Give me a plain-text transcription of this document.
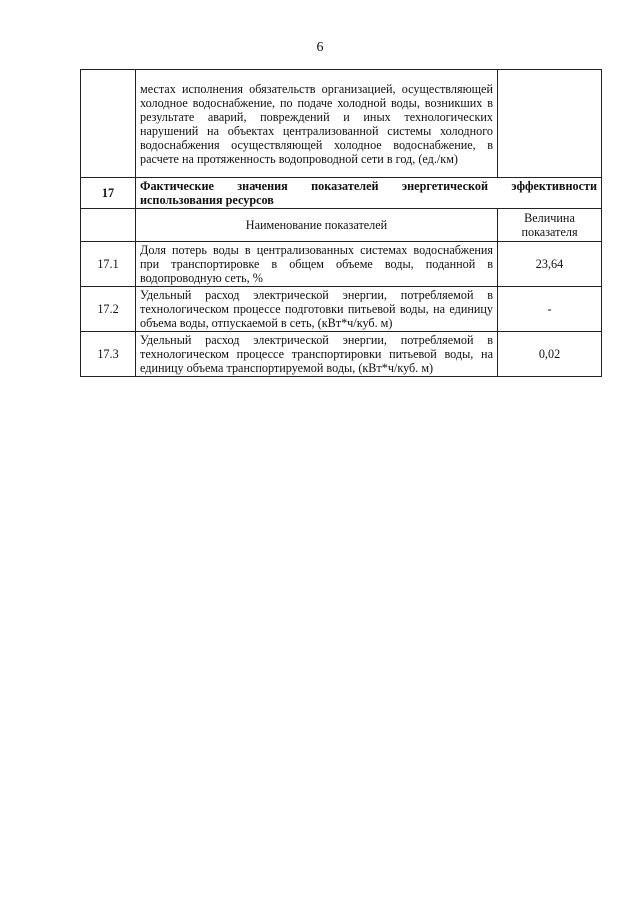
6
	местах исполнения обязательств организацией, осуществляющей холодное водоснабжение, по подаче холодной воды, возникших в результате аварий, повреждений и иных технологических нарушений на объектах централизованной системы холодного водоснабжения осуществляющей холодное водоснабжение, в расчете на протяженность водопроводной сети в год, (ед./км)	
17	Фактические значения показателей энергетической эффективности использования ресурсов	
	Наименование показателей	Величина показателя
17.1	Доля потерь воды в централизованных системах водоснабжения при транспортировке в общем объеме воды, поданной в водопроводную сеть, %	23,64
17.2	Удельный расход электрической энергии, потребляемой в технологическом процессе подготовки питьевой воды, на единицу объема воды, отпускаемой в сеть, (кВт*ч/куб. м)	-
17.3	Удельный расход электрической энергии, потребляемой в технологическом процессе транспортировки питьевой воды, на единицу объема транспортируемой воды, (кВт*ч/куб. м)	0,02
